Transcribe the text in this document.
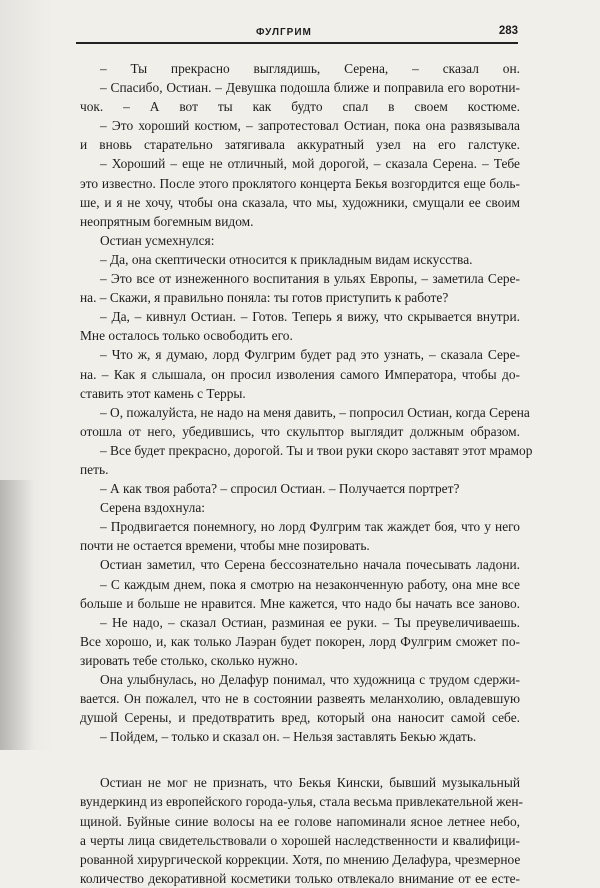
ФУЛГРИМ	283
– Ты прекрасно выглядишь, Серена, – сказал он.
– Спасибо, Остиан. – Девушка подошла ближе и поправила его воротни-
чок. – А вот ты как будто спал в своем костюме.
– Это хороший костюм, – запротестовал Остиан, пока она развязывала
и вновь старательно затягивала аккуратный узел на его галстуке.
– Хороший – еще не отличный, мой дорогой, – сказала Серена. – Тебе
это известно. После этого проклятого концерта Бекья возгордится еще боль-
ше, и я не хочу, чтобы она сказала, что мы, художники, смущали ее своим
неопрятным богемным видом.
Остиан усмехнулся:
– Да, она скептически относится к прикладным видам искусства.
– Это все от изнеженного воспитания в ульях Европы, – заметила Сере-
на. – Скажи, я правильно поняла: ты готов приступить к работе?
– Да, – кивнул Остиан. – Готов. Теперь я вижу, что скрывается внутри.
Мне осталось только освободить его.
– Что ж, я думаю, лорд Фулгрим будет рад это узнать, – сказала Сере-
на. – Как я слышала, он просил изволения самого Императора, чтобы до-
ставить этот камень с Терры.
– О, пожалуйста, не надо на меня давить, – попросил Остиан, когда Серена
отошла от него, убедившись, что скульптор выглядит должным образом.
– Все будет прекрасно, дорогой. Ты и твои руки скоро заставят этот мрамор
петь.
– А как твоя работа? – спросил Остиан. – Получается портрет?
Серена вздохнула:
– Продвигается понемногу, но лорд Фулгрим так жаждет боя, что у него
почти не остается времени, чтобы мне позировать.
Остиан заметил, что Серена бессознательно начала почесывать ладони.
– С каждым днем, пока я смотрю на незаконченную работу, она мне все
больше и больше не нравится. Мне кажется, что надо бы начать все заново.
– Не надо, – сказал Остиан, разминая ее руки. – Ты преувеличиваешь.
Все хорошо, и, как только Лаэран будет покорен, лорд Фулгрим сможет по-
зировать тебе столько, сколько нужно.
Она улыбнулась, но Делафур понимал, что художница с трудом сдержи-
вается. Он пожалел, что не в состоянии развеять меланхолию, овладевшую
душой Серены, и предотвратить вред, который она наносит самой себе.
– Пойдем, – только и сказал он. – Нельзя заставлять Бекью ждать.
Остиан не мог не признать, что Бекья Кински, бывший музыкальный
вундеркинд из европейского города-улья, стала весьма привлекательной жен-
щиной. Буйные синие волосы на ее голове напоминали ясное летнее небо,
а черты лица свидетельствовали о хорошей наследственности и квалифици-
рованной хирургической коррекции. Хотя, по мнению Делафура, чрезмерное
количество декоративной косметики только отвлекало внимание от ее есте-
